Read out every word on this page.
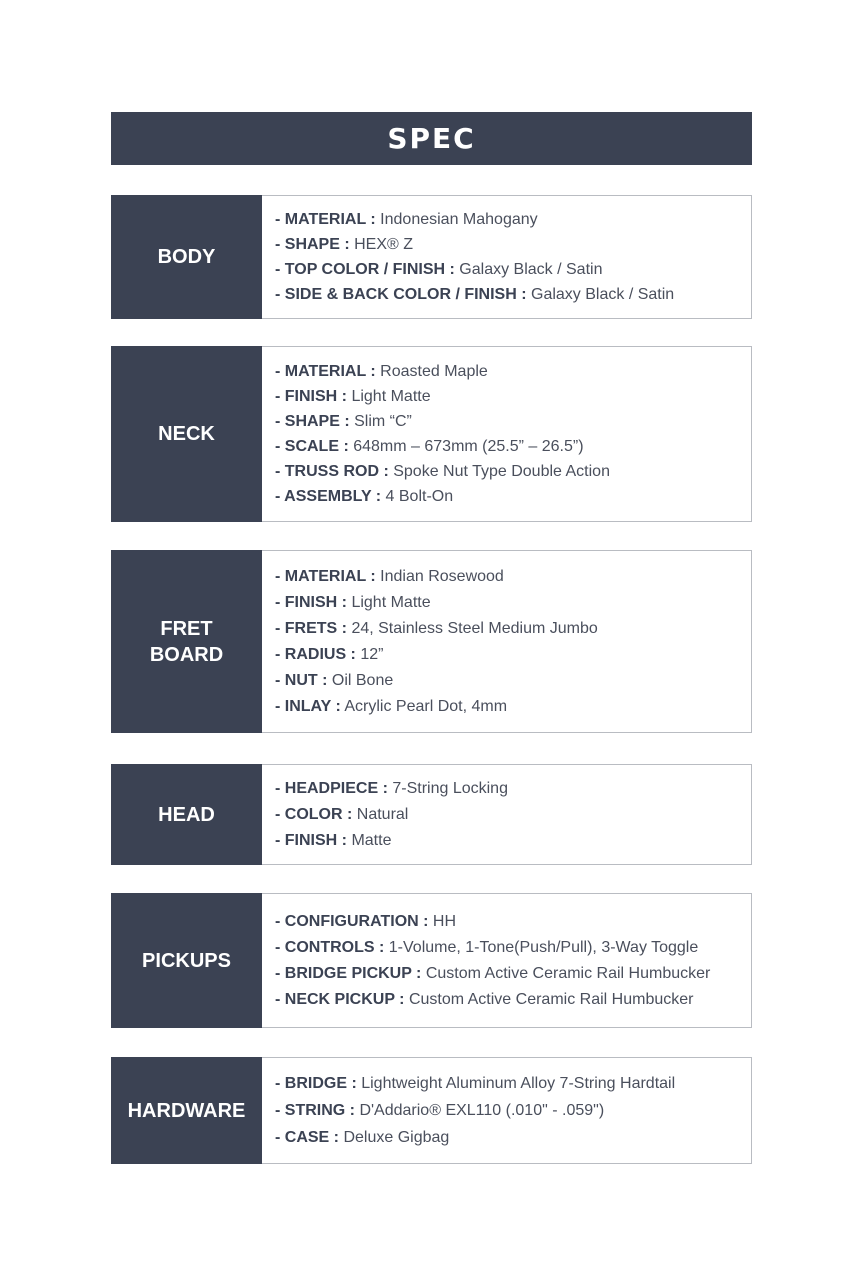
SPEC
BODY
- MATERIAL : Indonesian Mahogany
- SHAPE : HEX® Z
- TOP COLOR / FINISH : Galaxy Black / Satin
- SIDE & BACK COLOR / FINISH : Galaxy Black / Satin
NECK
- MATERIAL : Roasted Maple
- FINISH : Light Matte
- SHAPE : Slim “C”
- SCALE : 648mm – 673mm (25.5” – 26.5”)
- TRUSS ROD : Spoke Nut Type Double Action
- ASSEMBLY : 4 Bolt-On
FRET
BOARD
- MATERIAL : Indian Rosewood
- FINISH : Light Matte
- FRETS : 24, Stainless Steel Medium Jumbo
- RADIUS : 12”
- NUT : Oil Bone
- INLAY : Acrylic Pearl Dot, 4mm
HEAD
- HEADPIECE : 7-String Locking
- COLOR : Natural
- FINISH : Matte
PICKUPS
- CONFIGURATION : HH
- CONTROLS : 1-Volume, 1-Tone(Push/Pull), 3-Way Toggle
- BRIDGE PICKUP : Custom Active Ceramic Rail Humbucker
- NECK PICKUP : Custom Active Ceramic Rail Humbucker
HARDWARE
- BRIDGE : Lightweight Aluminum Alloy 7-String Hardtail
- STRING : D'Addario® EXL110 (.010" - .059")
- CASE : Deluxe Gigbag
